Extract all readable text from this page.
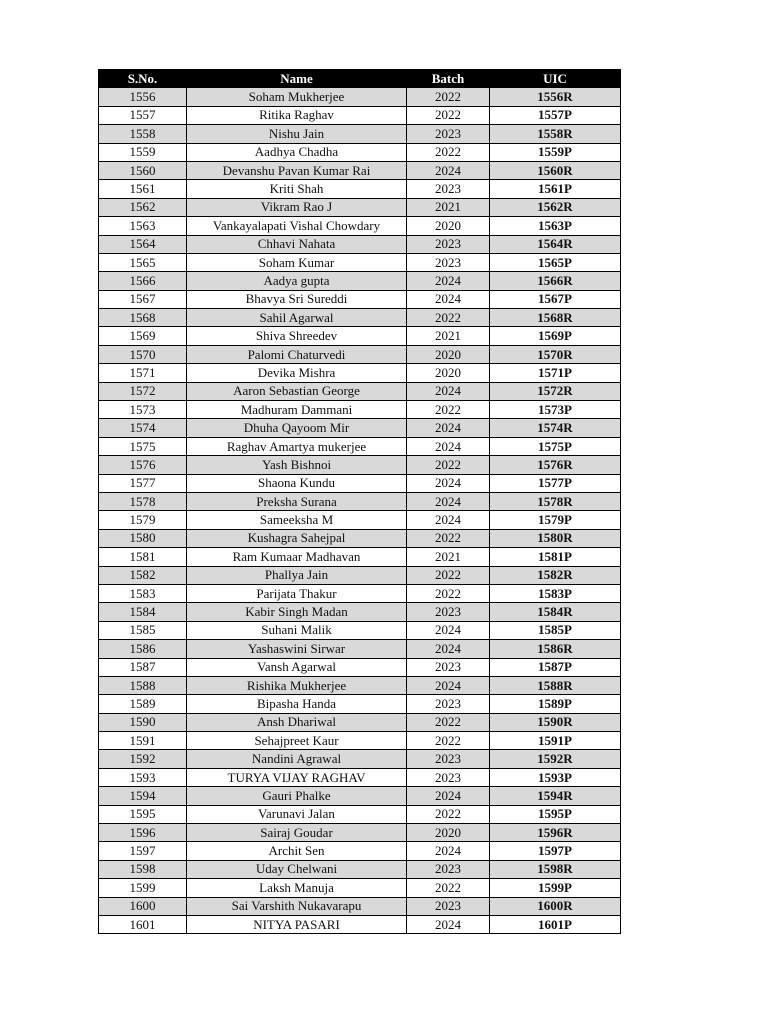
S.No.	Name	Batch	UIC
1556	Soham Mukherjee	2022	1556R
1557	Ritika Raghav	2022	1557P
1558	Nishu Jain	2023	1558R
1559	Aadhya Chadha	2022	1559P
1560	Devanshu Pavan Kumar Rai	2024	1560R
1561	Kriti Shah	2023	1561P
1562	Vikram Rao J	2021	1562R
1563	Vankayalapati Vishal Chowdary	2020	1563P
1564	Chhavi Nahata	2023	1564R
1565	Soham Kumar	2023	1565P
1566	Aadya gupta	2024	1566R
1567	Bhavya Sri Sureddi	2024	1567P
1568	Sahil Agarwal	2022	1568R
1569	Shiva Shreedev	2021	1569P
1570	Palomi Chaturvedi	2020	1570R
1571	Devika Mishra	2020	1571P
1572	Aaron Sebastian George	2024	1572R
1573	Madhuram Dammani	2022	1573P
1574	Dhuha Qayoom Mir	2024	1574R
1575	Raghav Amartya mukerjee	2024	1575P
1576	Yash Bishnoi	2022	1576R
1577	Shaona Kundu	2024	1577P
1578	Preksha Surana	2024	1578R
1579	Sameeksha M	2024	1579P
1580	Kushagra Sahejpal	2022	1580R
1581	Ram Kumaar Madhavan	2021	1581P
1582	Phallya Jain	2022	1582R
1583	Parijata Thakur	2022	1583P
1584	Kabir Singh Madan	2023	1584R
1585	Suhani Malik	2024	1585P
1586	Yashaswini Sirwar	2024	1586R
1587	Vansh Agarwal	2023	1587P
1588	Rishika Mukherjee	2024	1588R
1589	Bipasha Handa	2023	1589P
1590	Ansh Dhariwal	2022	1590R
1591	Sehajpreet Kaur	2022	1591P
1592	Nandini Agrawal	2023	1592R
1593	TURYA VIJAY RAGHAV	2023	1593P
1594	Gauri Phalke	2024	1594R
1595	Varunavi Jalan	2022	1595P
1596	Sairaj Goudar	2020	1596R
1597	Archit Sen	2024	1597P
1598	Uday Chelwani	2023	1598R
1599	Laksh Manuja	2022	1599P
1600	Sai Varshith Nukavarapu	2023	1600R
1601	NITYA PASARI	2024	1601P
